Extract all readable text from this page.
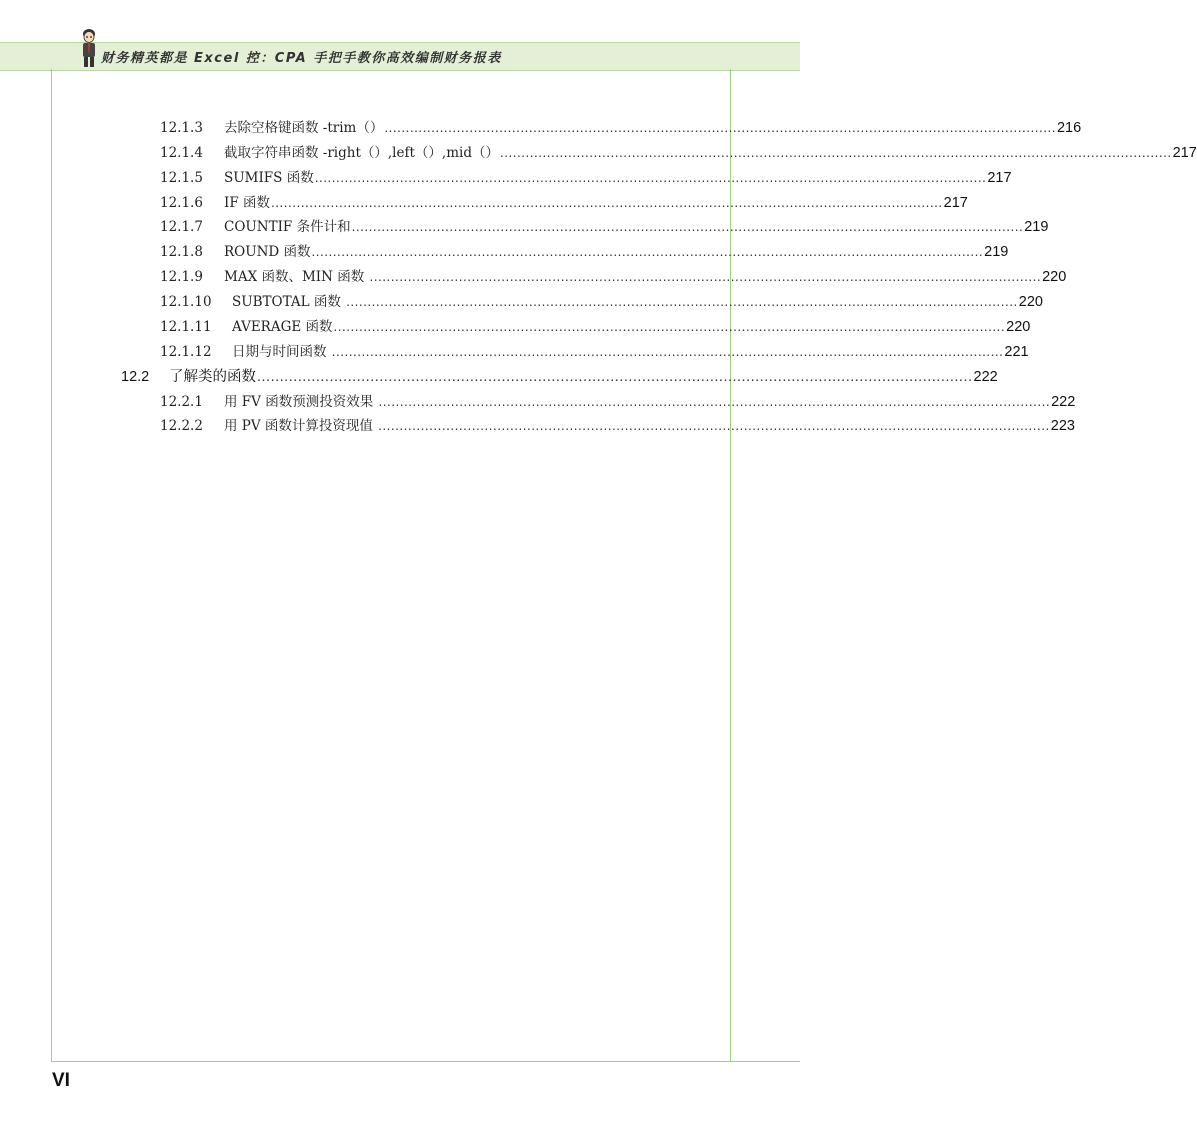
财务精英都是 Excel 控：CPA 手把手教你高效编制财务报表
12.1.3	去除空格键函数 -trim（） .............................................................................................................................................................. 216
12.1.4	截取字符串函数 -right（）,left（）,mid（） .............................................................................................................................................................. 217
12.1.5	SUMIFS 函数 .............................................................................................................................................................. 217
12.1.6	IF 函数 .............................................................................................................................................................. 217
12.1.7	COUNTIF 条件计和 .............................................................................................................................................................. 219
12.1.8	ROUND 函数 .............................................................................................................................................................. 219
12.1.9	MAX 函数、MIN 函数 .............................................................................................................................................................. 220
12.1.10	SUBTOTAL 函数 .............................................................................................................................................................. 220
12.1.11	AVERAGE 函数 .............................................................................................................................................................. 220
12.1.12	日期与时间函数 .............................................................................................................................................................. 221
12.2	了解类的函数 .............................................................................................................................................................. 222
12.2.1	用 FV 函数预测投资效果 .............................................................................................................................................................. 222
12.2.2	用 PV 函数计算投资现值 .............................................................................................................................................................. 223
VI
